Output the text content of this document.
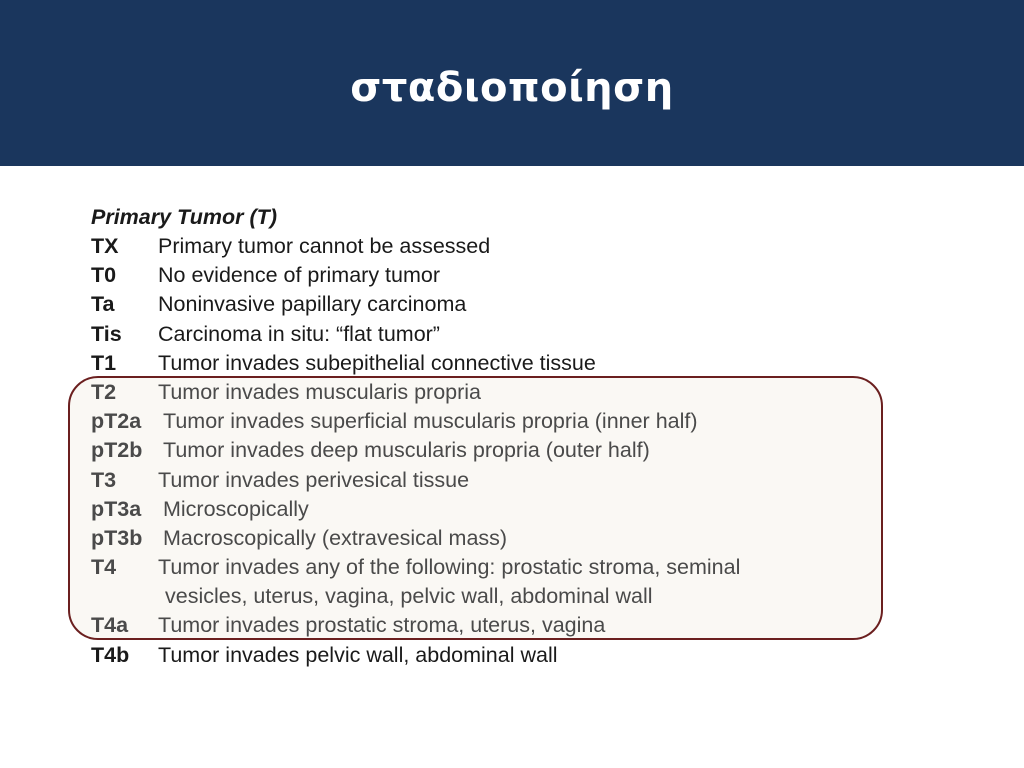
σταδιοποίηση
Primary Tumor (T)
TX Primary tumor cannot be assessed
T0 No evidence of primary tumor
Ta Noninvasive papillary carcinoma
Tis Carcinoma in situ: “flat tumor”
T1 Tumor invades subepithelial connective tissue
T2 Tumor invades muscularis propria
pT2a Tumor invades superficial muscularis propria (inner half)
pT2b Tumor invades deep muscularis propria (outer half)
T3 Tumor invades perivesical tissue
pT3a Microscopically
pT3b Macroscopically (extravesical mass)
T4 Tumor invades any of the following: prostatic stroma, seminal
vesicles, uterus, vagina, pelvic wall, abdominal wall
T4a Tumor invades prostatic stroma, uterus, vagina
T4b Tumor invades pelvic wall, abdominal wall
